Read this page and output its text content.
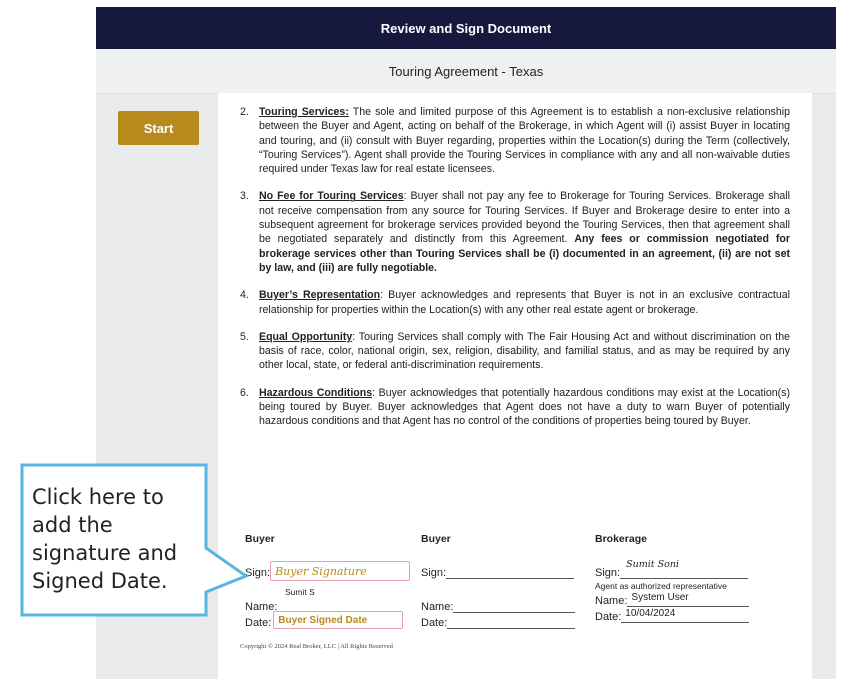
Review and Sign Document
Touring Agreement - Texas
Start
2. Touring Services: The sole and limited purpose of this Agreement is to establish a non-exclusive relationship between the Buyer and Agent, acting on behalf of the Brokerage, in which Agent will (i) assist Buyer in locating and touring, and (ii) consult with Buyer regarding, properties within the Location(s) during the Term (collectively, “Touring Services”). Agent shall provide the Touring Services in compliance with any and all non-waivable duties required under Texas law for real estate licensees.
3. No Fee for Touring Services: Buyer shall not pay any fee to Brokerage for Touring Services. Brokerage shall not receive compensation from any source for Touring Services. If Buyer and Brokerage desire to enter into a subsequent agreement for brokerage services provided beyond the Touring Services, then that agreement shall be negotiated separately and distinctly from this Agreement. Any fees or commission negotiated for brokerage services other than Touring Services shall be (i) documented in an agreement, (ii) are not set by law, and (iii) are fully negotiable.
4. Buyer’s Representation: Buyer acknowledges and represents that Buyer is not in an exclusive contractual relationship for properties within the Location(s) with any other real estate agent or brokerage.
5. Equal Opportunity: Touring Services shall comply with The Fair Housing Act and without discrimination on the basis of race, color, national origin, sex, religion, disability, and familial status, and as may be required by any other local, state, or federal anti-discrimination requirements.
6. Hazardous Conditions: Buyer acknowledges that potentially hazardous conditions may exist at the Location(s) being toured by Buyer. Buyer acknowledges that Agent does not have a duty to warn Buyer of potentially hazardous conditions and that Agent has no control of the conditions of properties being toured by Buyer.
Buyer
Sign: Buyer Signature
Sumit S
Name:
Date: Buyer Signed Date
Buyer
Sign:
Name:
Date:
Brokerage
Sign:
Sumit Soni
Agent as authorized representative
Name: System User
Date: 10/04/2024
Copyright © 2024 Real Broker, LLC | All Rights Reserved
Click here to add the signature and Signed Date.
